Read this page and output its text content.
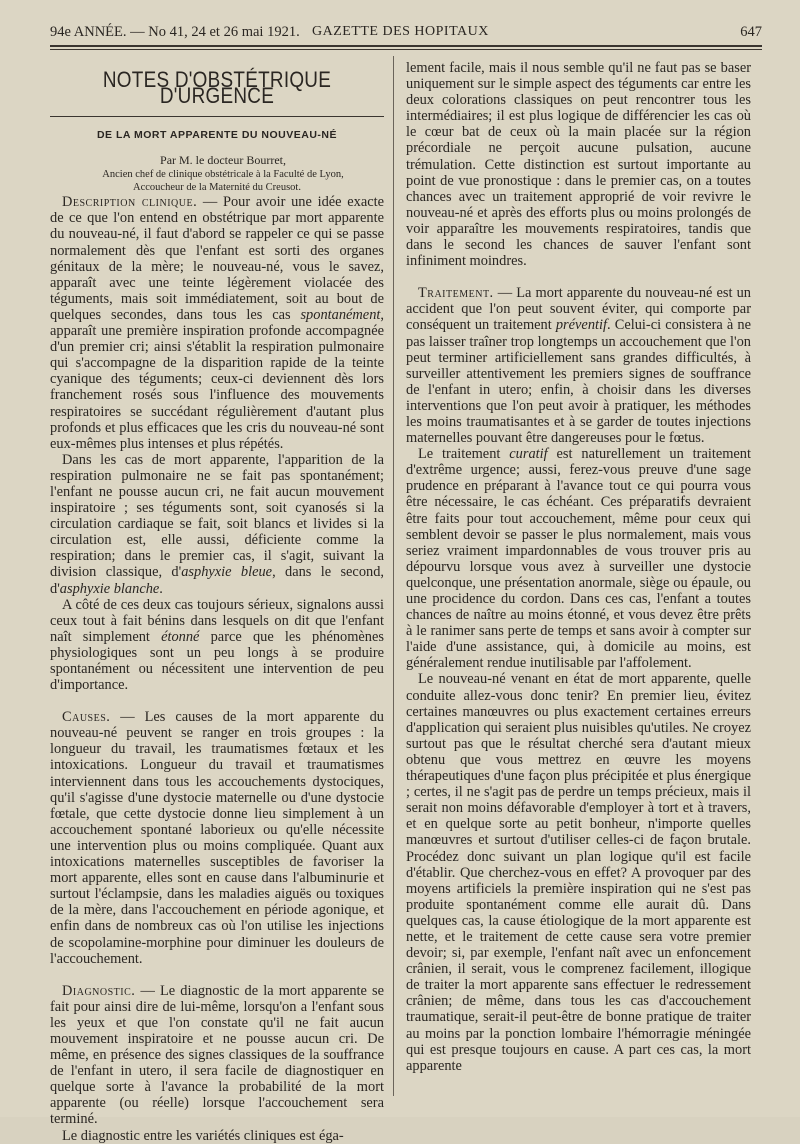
94e ANNÉE. — No 41, 24 et 26 mai 1921. GAZETTE DES HOPITAUX	647
NOTES D'OBSTÉTRIQUE D'URGENCE
DE LA MORT APPARENTE DU NOUVEAU-NÉ

Par M. le docteur Bourret,

Ancien chef de clinique obstétricale à la Faculté de Lyon,
Accoucheur de la Maternité du Creusot.

Description clinique. — Pour avoir une idée exacte de ce que l'on entend en obstétrique par mort apparente du nouveau-né, il faut d'abord se rappeler ce qui se passe normalement dès que l'enfant est sorti des organes génitaux de la mère; le nouveau-né, vous le savez, apparaît avec une teinte légèrement violacée des téguments, mais soit immédiatement, soit au bout de quelques secondes, dans tous les cas spontanément, apparaît une première inspiration profonde accompagnée d'un premier cri; ainsi s'établit la respiration pulmonaire qui s'accompagne de la disparition rapide de la teinte cyanique des téguments; ceux-ci deviennent dès lors franchement rosés sous l'influence des mouvements respiratoires se succédant régulièrement d'autant plus profonds et plus efficaces que les cris du nouveau-né sont eux-mêmes plus intenses et plus répétés.

Dans les cas de mort apparente, l'apparition de la respiration pulmonaire ne se fait pas spontanément; l'enfant ne pousse aucun cri, ne fait aucun mouvement inspiratoire ; ses téguments sont, soit cyanosés si la circulation cardiaque se fait, soit blancs et livides si la circulation est, elle aussi, déficiente comme la respiration; dans le premier cas, il s'agit, suivant la division classique, d'asphyxie bleue, dans le second, d'asphyxie blanche.

A côté de ces deux cas toujours sérieux, signalons aussi ceux tout à fait bénins dans lesquels on dit que l'enfant naît simplement étonné parce que les phénomènes physiologiques sont un peu longs à se produire spontanément ou nécessitent une intervention de peu d'importance.

Causes. — Les causes de la mort apparente du nouveau-né peuvent se ranger en trois groupes : la longueur du travail, les traumatismes fœtaux et les intoxications. Longueur du travail et traumatismes interviennent dans tous les accouchements dystociques, qu'il s'agisse d'une dystocie maternelle ou d'une dystocie fœtale, que cette dystocie donne lieu simplement à un accouchement spontané laborieux ou qu'elle nécessite une intervention plus ou moins compliquée. Quant aux intoxications maternelles susceptibles de favoriser la mort apparente, elles sont en cause dans l'albuminurie et surtout l'éclampsie, dans les maladies aiguës ou toxiques de la mère, dans l'accouchement en période agonique, et enfin dans de nombreux cas où l'on utilise les injections de scopolamine-morphine pour diminuer les douleurs de l'accouchement.

Diagnostic. — Le diagnostic de la mort apparente se fait pour ainsi dire de lui-même, lorsqu'on a l'enfant sous les yeux et que l'on constate qu'il ne fait aucun mouvement inspiratoire et ne pousse aucun cri. De même, en présence des signes classiques de la souffrance de l'enfant in utero, il sera facile de diagnostiquer en quelque sorte à l'avance la probabilité de la mort apparente (ou réelle) lorsque l'accouchement sera terminé.

Le diagnostic entre les variétés cliniques est éga-

lement facile, mais il nous semble qu'il ne faut pas se baser uniquement sur le simple aspect des téguments car entre les deux colorations classiques on peut rencontrer tous les intermédiaires; il est plus logique de différencier les cas où le cœur bat de ceux où la main placée sur la région précordiale ne perçoit aucune pulsation, aucune trémulation. Cette distinction est surtout importante au point de vue pronostique : dans le premier cas, on a toutes chances avec un traitement approprié de voir revivre le nouveau-né et après des efforts plus ou moins prolongés de voir apparaître les mouvements respiratoires, tandis que dans le second les chances de sauver l'enfant sont infiniment moindres.

Traitement. — La mort apparente du nouveau-né est un accident que l'on peut souvent éviter, qui comporte par conséquent un traitement préventif. Celui-ci consistera à ne pas laisser traîner trop longtemps un accouchement que l'on peut terminer artificiellement sans grandes difficultés, à surveiller attentivement les premiers signes de souffrance de l'enfant in utero; enfin, à choisir dans les diverses interventions que l'on peut avoir à pratiquer, les méthodes les moins traumatisantes et à se garder de toutes injections maternelles pouvant être dangereuses pour le fœtus.

Le traitement curatif est naturellement un traitement d'extrême urgence; aussi, ferez-vous preuve d'une sage prudence en préparant à l'avance tout ce qui pourra vous être nécessaire, le cas échéant. Ces préparatifs devraient être faits pour tout accouchement, même pour ceux qui semblent devoir se passer le plus normalement, mais vous seriez vraiment impardonnables de vous trouver pris au dépourvu lorsque vous avez à surveiller une dystocie quelconque, une présentation anormale, siège ou épaule, ou une procidence du cordon. Dans ces cas, l'enfant a toutes chances de naître au moins étonné, et vous devez être prêts à le ranimer sans perte de temps et sans avoir à compter sur l'aide d'une assistance, qui, à domicile au moins, est généralement rendue inutilisable par l'affolement.

Le nouveau-né venant en état de mort apparente, quelle conduite allez-vous donc tenir? En premier lieu, évitez certaines manœuvres ou plus exactement certaines erreurs d'application qui seraient plus nuisibles qu'utiles. Ne croyez surtout pas que le résultat cherché sera d'autant mieux obtenu que vous mettrez en œuvre les moyens thérapeutiques d'une façon plus précipitée et plus énergique ; certes, il ne s'agit pas de perdre un temps précieux, mais il serait non moins défavorable d'employer à tort et à travers, et en quelque sorte au petit bonheur, n'importe quelles manœuvres et surtout d'utiliser celles-ci de façon brutale. Procédez donc suivant un plan logique qu'il est facile d'établir. Que cherchez-vous en effet? A provoquer par des moyens artificiels la première inspiration qui ne s'est pas produite spontanément comme elle aurait dû. Dans quelques cas, la cause étiologique de la mort apparente est nette, et le traitement de cette cause sera votre premier devoir; si, par exemple, l'enfant naît avec un enfoncement crânien, il serait, vous le comprenez facilement, illogique de traiter la mort apparente sans effectuer le redressement crânien; de même, dans tous les cas d'accouchement traumatique, serait-il peut-être de bonne pratique de traiter au moins par la ponction lombaire l'hémorragie méningée qui est presque toujours en cause. A part ces cas, la mort apparente
